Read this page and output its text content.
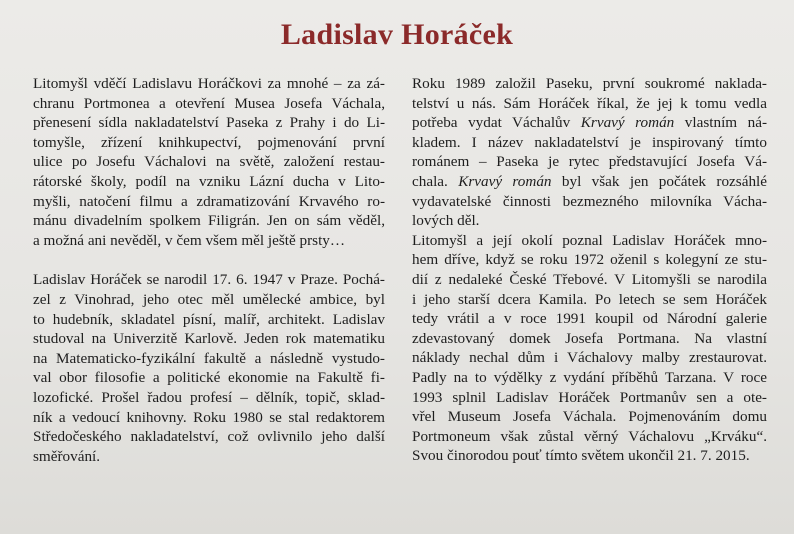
Ladislav Horáček

Litomyšl vděčí Ladislavu Horáčkovi za mnohé – za zá-
chranu Portmonea a otevření Musea Josefa Váchala,
přenesení sídla nakladatelství Paseka z Prahy i do Li-
tomyšle, zřízení knihkupectví, pojmenování první
ulice po Josefu Váchalovi na světě, založení restau-
rátorské školy, podíl na vzniku Lázní ducha v Lito-
myšli, natočení filmu a zdramatizování Krvavého ro-
mánu divadelním spolkem Filigrán. Jen on sám věděl,
a možná ani nevěděl, v čem všem měl ještě prsty…

Ladislav Horáček se narodil 17. 6. 1947 v Praze. Pochá-
zel z Vinohrad, jeho otec měl umělecké ambice, byl
to hudebník, skladatel písní, malíř, architekt. Ladislav
studoval na Univerzitě Karlově. Jeden rok matematiku
na Matematicko-fyzikální fakultě a následně vystudo-
val obor filosofie a politické ekonomie na Fakultě fi-
lozofické. Prošel řadou profesí – dělník, topič, sklad-
ník a vedoucí knihovny. Roku 1980 se stal redaktorem
Středočeského nakladatelství, což ovlivnilo jeho další
směřování.

Roku 1989 založil Paseku, první soukromé naklada-
telství u nás. Sám Horáček říkal, že jej k tomu vedla
potřeba vydat Váchalův Krvavý román vlastním ná-
kladem. I název nakladatelství je inspirovaný tímto
románem – Paseka je rytec představující Josefa Vá-
chala. Krvavý román byl však jen počátek rozsáhlé
vydavatelské činnosti bezmezného milovníka Vácha-
lových děl.

Litomyšl a její okolí poznal Ladislav Horáček mno-
hem dříve, když se roku 1972 oženil s kolegyní ze stu-
dií z nedaleké České Třebové. V Litomyšli se narodila
i jeho starší dcera Kamila. Po letech se sem Horáček
tedy vrátil a v roce 1991 koupil od Národní galerie
zdevastovaný domek Josefa Portmana. Na vlastní
náklady nechal dům i Váchalovy malby zrestaurovat.
Padly na to výdělky z vydání příběhů Tarzana. V roce
1993 splnil Ladislav Horáček Portmanův sen a ote-
vřel Museum Josefa Váchala. Pojmenováním domu
Portmoneum však zůstal věrný Váchalovu „Krváku“.
Svou činorodou pouť tímto světem ukončil 21. 7. 2015.
